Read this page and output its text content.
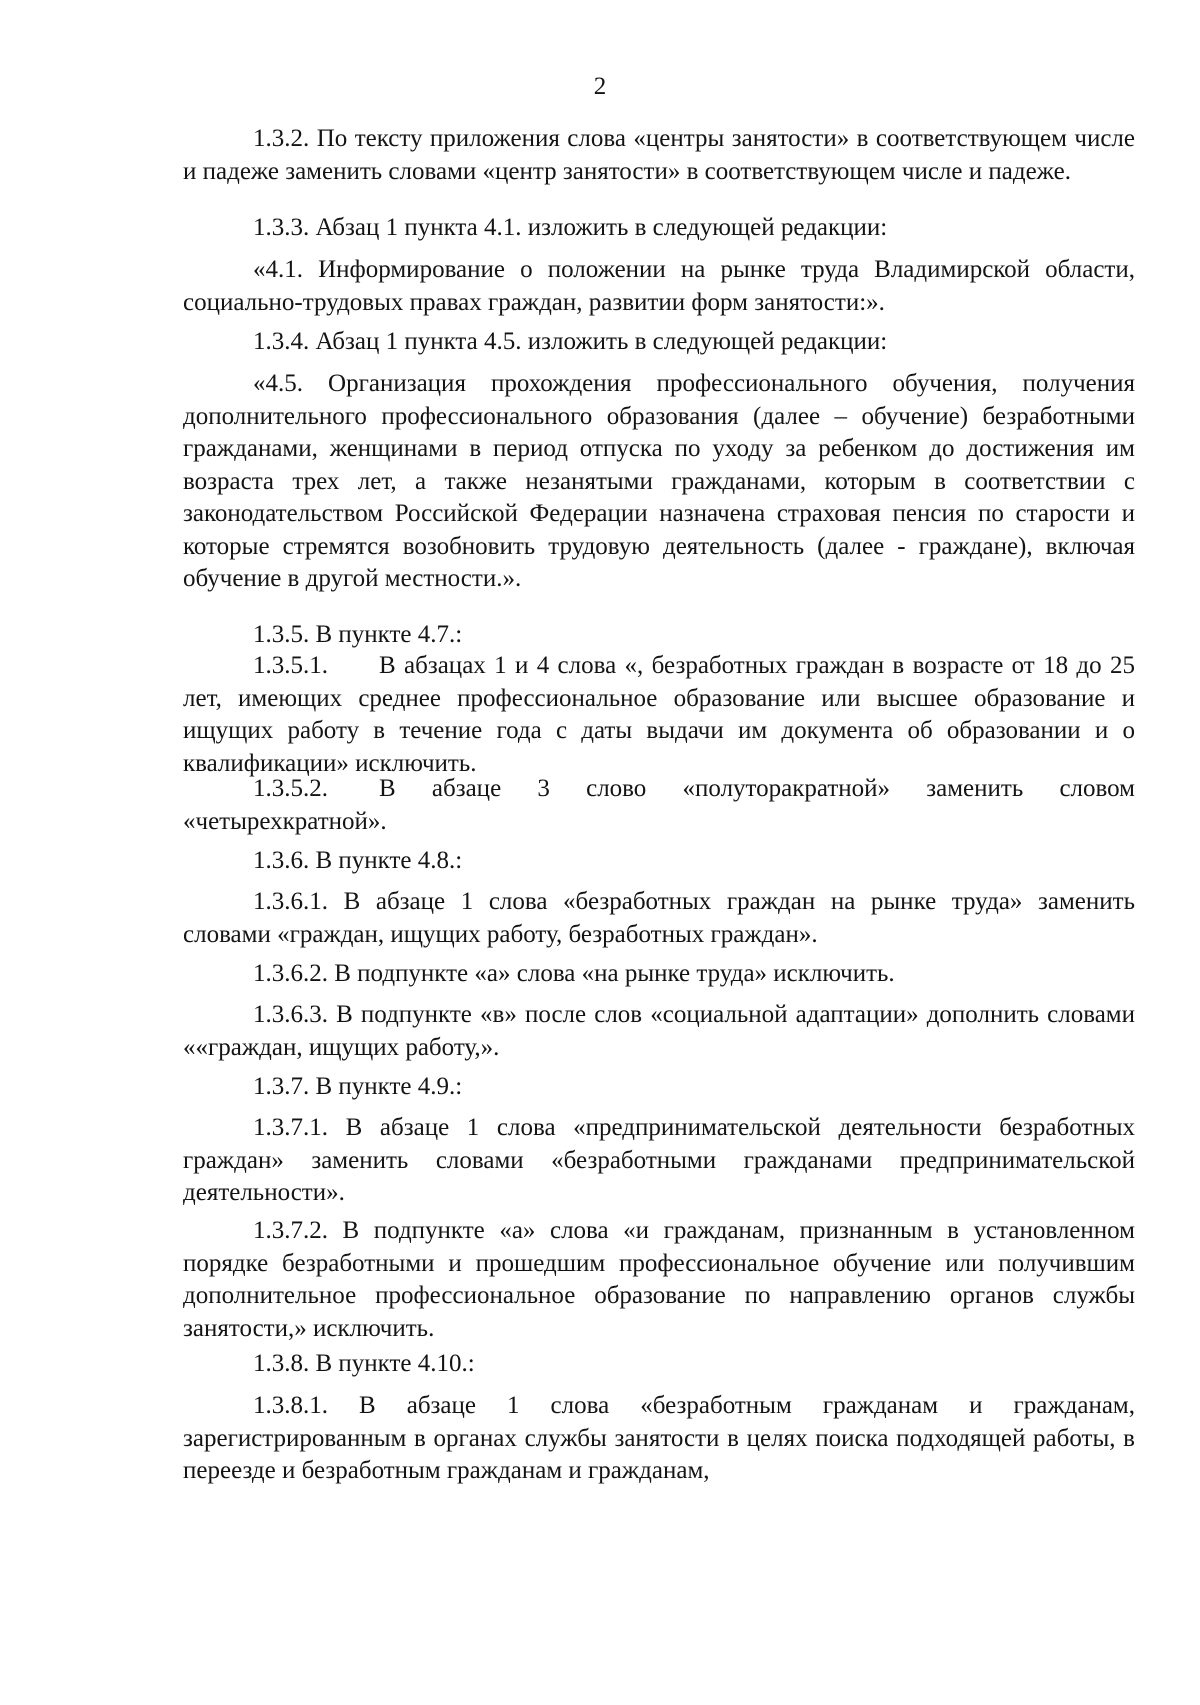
2

1.3.2. По тексту приложения слова «центры занятости» в соответствующем числе и падеже заменить словами «центр занятости» в соответствующем числе и падеже.

1.3.3. Абзац 1 пункта 4.1. изложить в следующей редакции:

«4.1. Информирование о положении на рынке труда Владимирской области, социально-трудовых правах граждан, развитии форм занятости:».

1.3.4. Абзац 1 пункта 4.5. изложить в следующей редакции:

«4.5. Организация прохождения профессионального обучения, получения дополнительного профессионального образования (далее – обучение) безработными гражданами, женщинами в период отпуска по уходу за ребенком до достижения им возраста трех лет, а также незанятыми гражданами, которым в соответствии с законодательством Российской Федерации назначена страховая пенсия по старости и которые стремятся возобновить трудовую деятельность (далее - граждане), включая обучение в другой местности.».

1.3.5. В пункте 4.7.:

1.3.5.1. В абзацах 1 и 4 слова «, безработных граждан в возрасте от 18 до 25 лет, имеющих среднее профессиональное образование или высшее образование и ищущих работу в течение года с даты выдачи им документа об образовании и о квалификации» исключить.

1.3.5.2. В абзаце 3 слово «полуторакратной» заменить словом «четырехкратной».

1.3.6. В пункте 4.8.:

1.3.6.1. В абзаце 1 слова «безработных граждан на рынке труда» заменить словами «граждан, ищущих работу, безработных граждан».

1.3.6.2. В подпункте «а» слова «на рынке труда» исключить.

1.3.6.3. В подпункте «в» после слов «социальной адаптации» дополнить словами ««граждан, ищущих работу,».

1.3.7. В пункте 4.9.:

1.3.7.1. В абзаце 1 слова «предпринимательской деятельности безработных граждан» заменить словами «безработными гражданами предпринимательской деятельности».

1.3.7.2. В подпункте «а» слова «и гражданам, признанным в установленном порядке безработными и прошедшим профессиональное обучение или получившим дополнительное профессиональное образование по направлению органов службы занятости,» исключить.

1.3.8. В пункте 4.10.:

1.3.8.1. В абзаце 1 слова «безработным гражданам и гражданам, зарегистрированным в органах службы занятости в целях поиска подходящей работы, в переезде и безработным гражданам и гражданам,
